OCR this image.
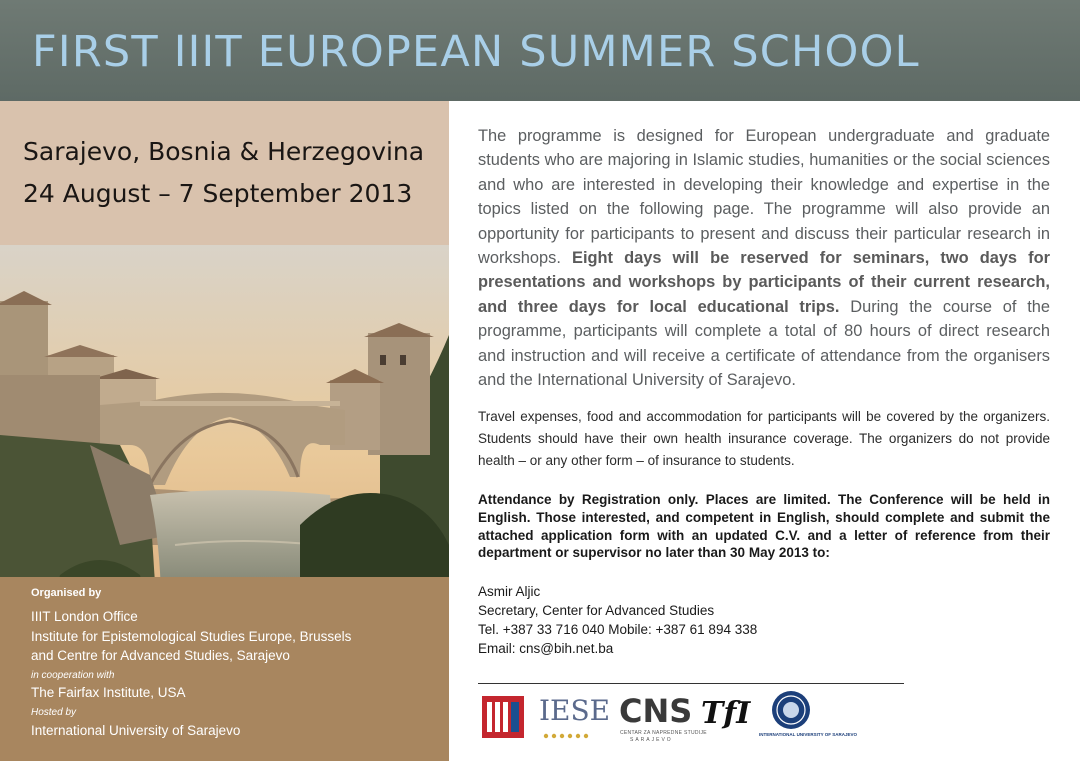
FIRST IIIT EUROPEAN SUMMER SCHOOL
Sarajevo, Bosnia & Herzegovina
24 August – 7 September 2013
Organised by
IIIT London Office
Institute for Epistemological Studies Europe, Brussels
and Centre for Advanced Studies, Sarajevo
in cooperation with
The Fairfax Institute, USA
Hosted by
International University of Sarajevo

The programme is designed for European undergraduate and graduate students who are majoring in Islamic studies, humanities or the social sciences and who are interested in developing their knowledge and expertise in the topics listed on the following page. The programme will also provide an opportunity for participants to present and discuss their particular research in workshops. Eight days will be reserved for seminars, two days for presentations and workshops by participants of their current research, and three days for local educational trips. During the course of the programme, participants will complete a total of 80 hours of direct research and instruction and will receive a certificate of attendance from the organisers and the International University of Sarajevo.

Travel expenses, food and accommodation for participants will be covered by the organizers. Students should have their own health insurance coverage. The organizers do not provide health – or any other form – of insurance to students.

Attendance by Registration only. Places are limited. The Conference will be held in English. Those interested, and competent in English, should complete and submit the attached application form with an updated C.V. and a letter of reference from their department or supervisor no later than 30 May 2013 to:

Asmir Aljic
Secretary, Center for Advanced Studies
Tel. +387 33 716 040 Mobile: +387 61 894 338
Email: cns@bih.net.ba
IESE CNS
CENTAR ZA NAPREDNE STUDIJE
SARAJEVO
TfI
INTERNATIONAL UNIVERSITY OF SARAJEVO
